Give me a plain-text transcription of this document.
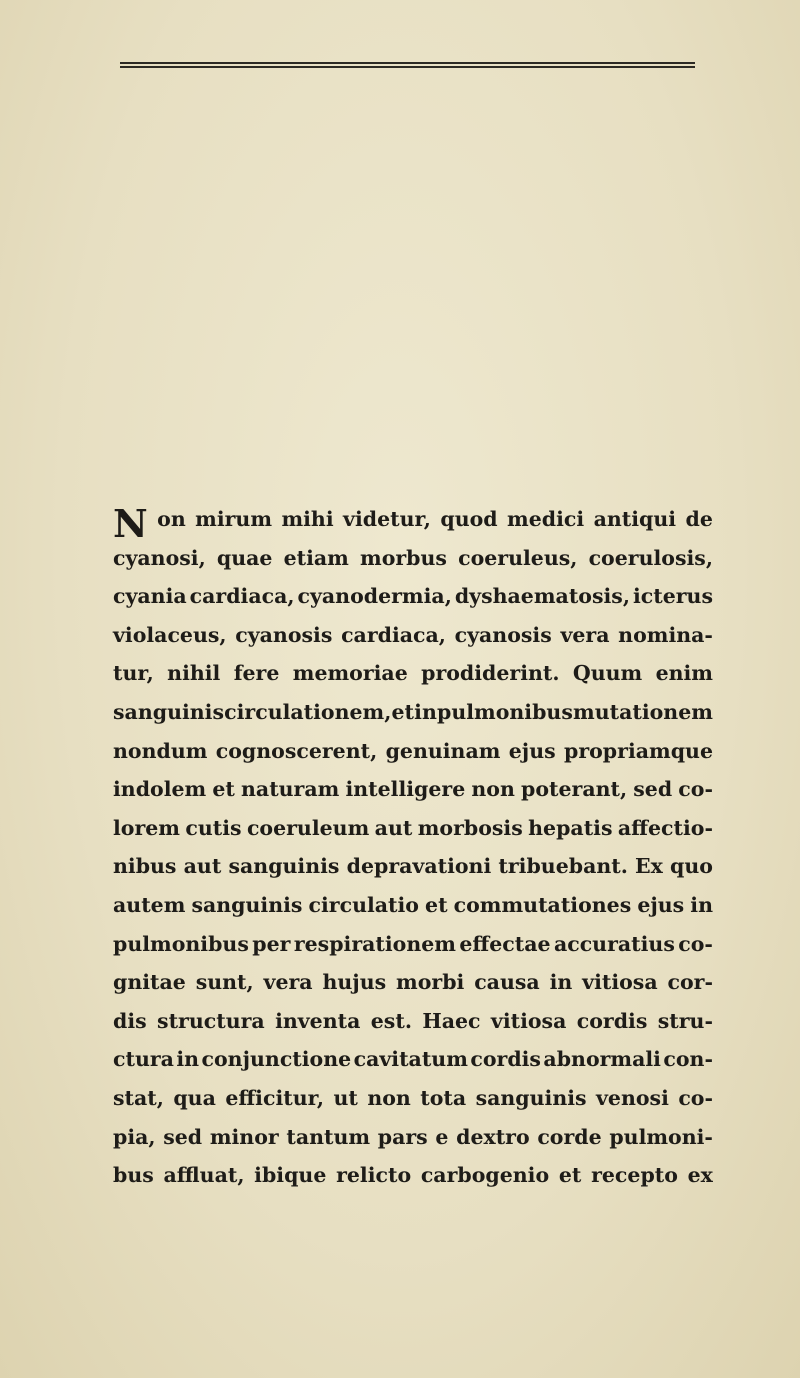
N on mirum mihi videtur, quod medici antiqui de
cyanosi, quae etiam morbus coeruleus, coerulosis,
cyania cardiaca, cyanodermia, dyshaematosis, icterus
violaceus, cyanosis cardiaca, cyanosis vera nomina-
tur, nihil fere memoriae prodiderint. Quum enim
sanguinis circulationem, et in pulmonibus mutationem
nondum cognoscerent, genuinam ejus propriamque
indolem et naturam intelligere non poterant, sed co-
lorem cutis coeruleum aut morbosis hepatis affectio-
nibus aut sanguinis depravationi tribuebant. Ex quo
autem sanguinis circulatio et commutationes ejus in
pulmonibus per respirationem effectae accuratius co-
gnitae sunt, vera hujus morbi causa in vitiosa cor-
dis structura inventa est. Haec vitiosa cordis stru-
ctura in conjunctione cavitatum cordis abnormali con-
stat, qua efficitur, ut non tota sanguinis venosi co-
pia, sed minor tantum pars e dextro corde pulmoni-
bus affluat, ibique relicto carbogenio et recepto ex
